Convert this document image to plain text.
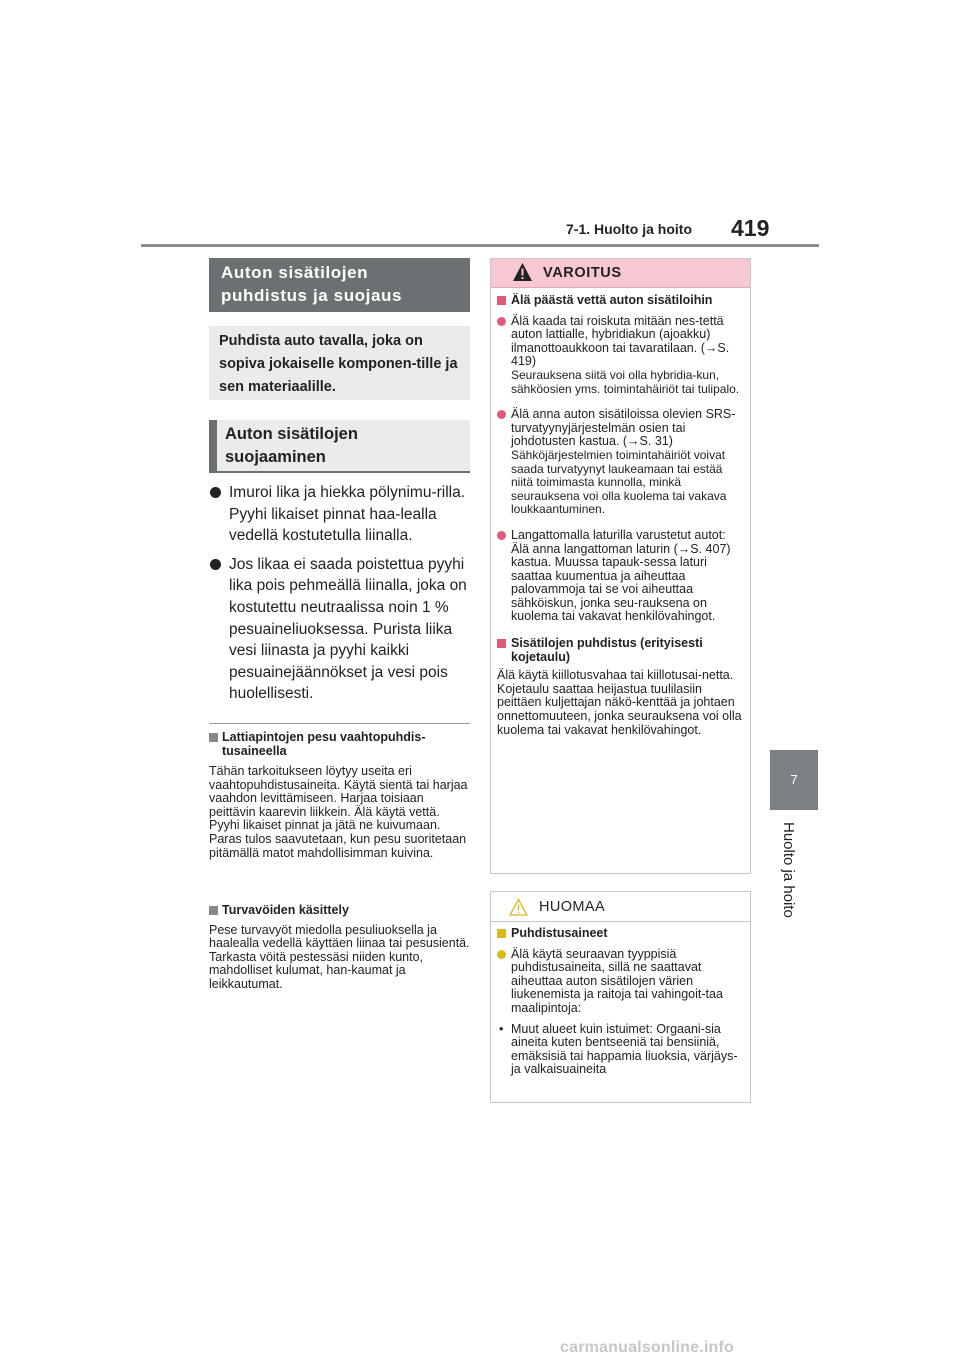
7-1. Huolto ja hoito 419
7
Huolto ja hoito
Auton sisätilojen puhdistus ja suojaus
Puhdista auto tavalla, joka on sopiva jokaiselle komponen-tille ja sen materiaalille.
Auton sisätilojen suojaaminen
Imuroi lika ja hiekka pölynimu-rilla. Pyyhi likaiset pinnat haa-lealla vedellä kostutetulla liinalla.
Jos likaa ei saada poistettua pyyhi lika pois pehmeällä liinalla, joka on kostutettu neutraalissa noin 1 % pesuaineliuoksessa. Purista liika vesi liinasta ja pyyhi kaikki pesuainejäännökset ja vesi pois huolellisesti.
Lattiapintojen pesu vaahtopuhdis-tusaineella
Tähän tarkoitukseen löytyy useita eri vaahtopuhdistusaineita. Käytä sientä tai harjaa vaahdon levittämiseen. Harjaa toisiaan peittävin kaarevin liikkein. Älä käytä vettä. Pyyhi likaiset pinnat ja jätä ne kuivumaan. Paras tulos saavutetaan, kun pesu suoritetaan pitämällä matot mahdollisimman kuivina.
Turvavöiden käsittely
Pese turvavyöt miedolla pesuliuoksella ja haalealla vedellä käyttäen liinaa tai pesusientä. Tarkasta vöitä pestessäsi niiden kunto, mahdolliset kulumat, han-kaumat ja leikkautumat.
VAROITUS
Älä päästä vettä auton sisätiloihin
Älä kaada tai roiskuta mitään nes-tettä auton lattialle, hybridiakun (ajoakku) ilmanottoaukkoon tai tavaratilaan. (→S. 419)
Seurauksena siitä voi olla hybridia-kun, sähköosien yms. toimintahäiriöt tai tulipalo.
Älä anna auton sisätiloissa olevien SRS-turvatyynyjärjestelmän osien tai johdotusten kastua. (→S. 31)
Sähköjärjestelmien toimintahäiriöt voivat saada turvatyynyt laukeamaan tai estää niitä toimimasta kunnolla, minkä seurauksena voi olla kuolema tai vakava loukkaantuminen.
Langattomalla laturilla varustetut autot: Älä anna langattoman laturin (→S. 407) kastua. Muussa tapauk-sessa laturi saattaa kuumentua ja aiheuttaa palovammoja tai se voi aiheuttaa sähköiskun, jonka seu-rauksena on kuolema tai vakavat henkilövahingot.
Sisätilojen puhdistus (erityisesti kojetaulu)
Älä käytä kiillotusvahaa tai kiillotusai-netta. Kojetaulu saattaa heijastua tuulilasiin peittäen kuljettajan näkö-kenttää ja johtaen onnettomuuteen, jonka seurauksena voi olla kuolema tai vakavat henkilövahingot.
HUOMAA
Puhdistusaineet
Älä käytä seuraavan tyyppisiä puhdistusaineita, sillä ne saattavat aiheuttaa auton sisätilojen värien liukenemista ja raitoja tai vahingoit-taa maalipintoja:
• Muut alueet kuin istuimet: Orgaani-sia aineita kuten bentseeniä tai bensiiniä, emäksisiä tai happamia liuoksia, värjäys- ja valkaisuaineita
carmanualsonline.info
